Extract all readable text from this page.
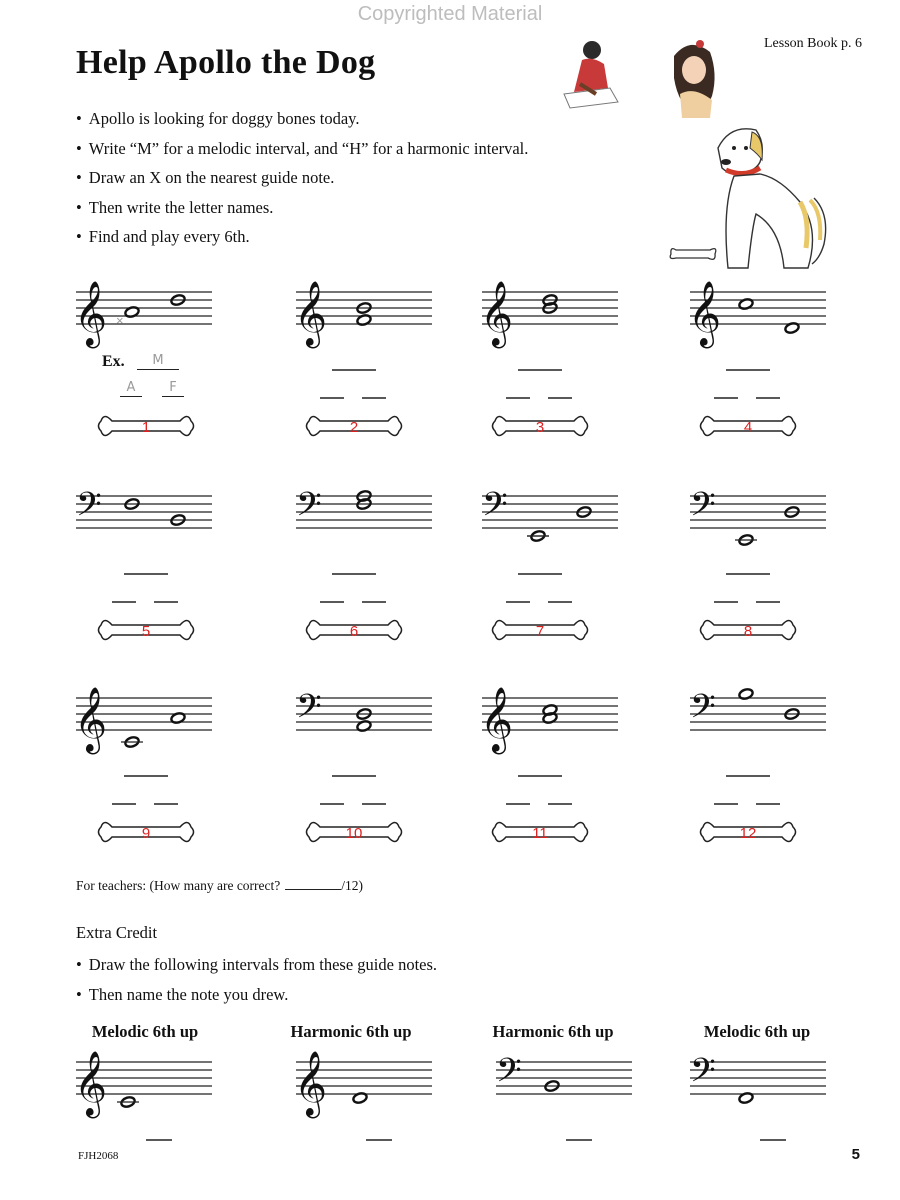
Copyrighted Material
Help Apollo the Dog
Lesson Book p. 6
• Apollo is looking for doggy bones today.
• Write “M” for a melodic interval, and “H” for a harmonic interval.
• Draw an X on the nearest guide note.
• Then write the letter names.
• Find and play every 6th.
𝄞 ×
1
𝄞
2
𝄞
3
𝄞
4
𝄢
5
𝄢
6
𝄢
7
𝄢
8
𝄞
9
𝄢
10
𝄞
11
𝄢
12
Ex.	M
A	F
For teachers: (How many are correct?	/12)
Extra Credit
• Draw the following intervals from these guide notes.
• Then name the note you drew.
Melodic 6th up	Harmonic 6th up	Harmonic 6th up	Melodic 6th up
𝄞	𝄞	𝄢	𝄢
FJH2068	5
